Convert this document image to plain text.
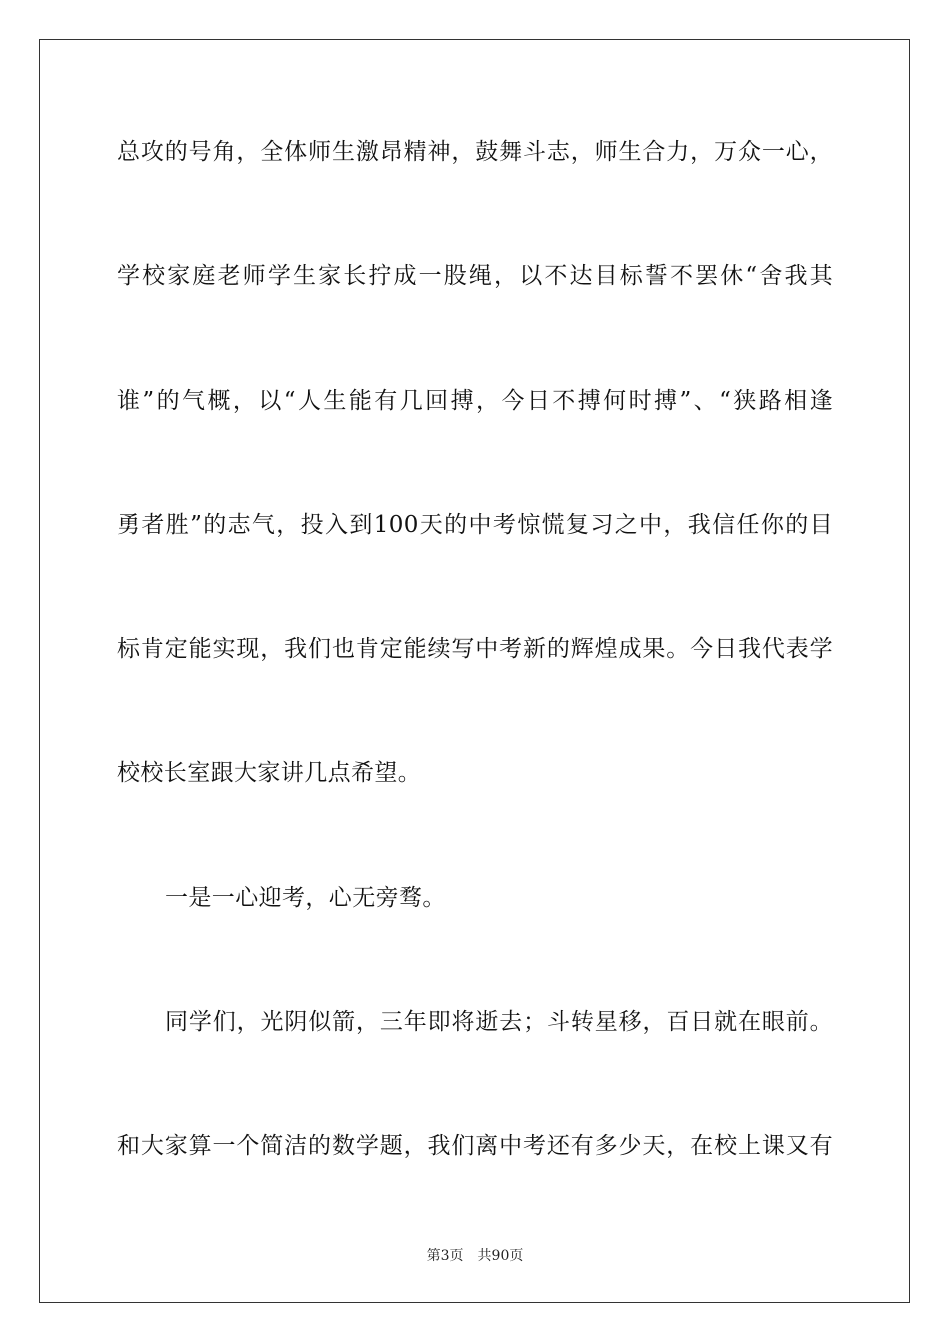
总攻的号角，全体师生激昂精神，鼓舞斗志，师生合力，万众一心，
学校家庭老师学生家长拧成一股绳，以不达目标誓不罢休“舍我其
谁”的气概，以“人生能有几回搏，今日不搏何时搏”、“狭路相逢
勇者胜”的志气，投入到100天的中考惊慌复习之中，我信任你的目
标肯定能实现，我们也肯定能续写中考新的辉煌成果。今日我代表学
校校长室跟大家讲几点希望。
一是一心迎考，心无旁骛。
同学们，光阴似箭，三年即将逝去；斗转星移，百日就在眼前。
和大家算一个简洁的数学题，我们离中考还有多少天，在校上课又有
第3页 共90页
